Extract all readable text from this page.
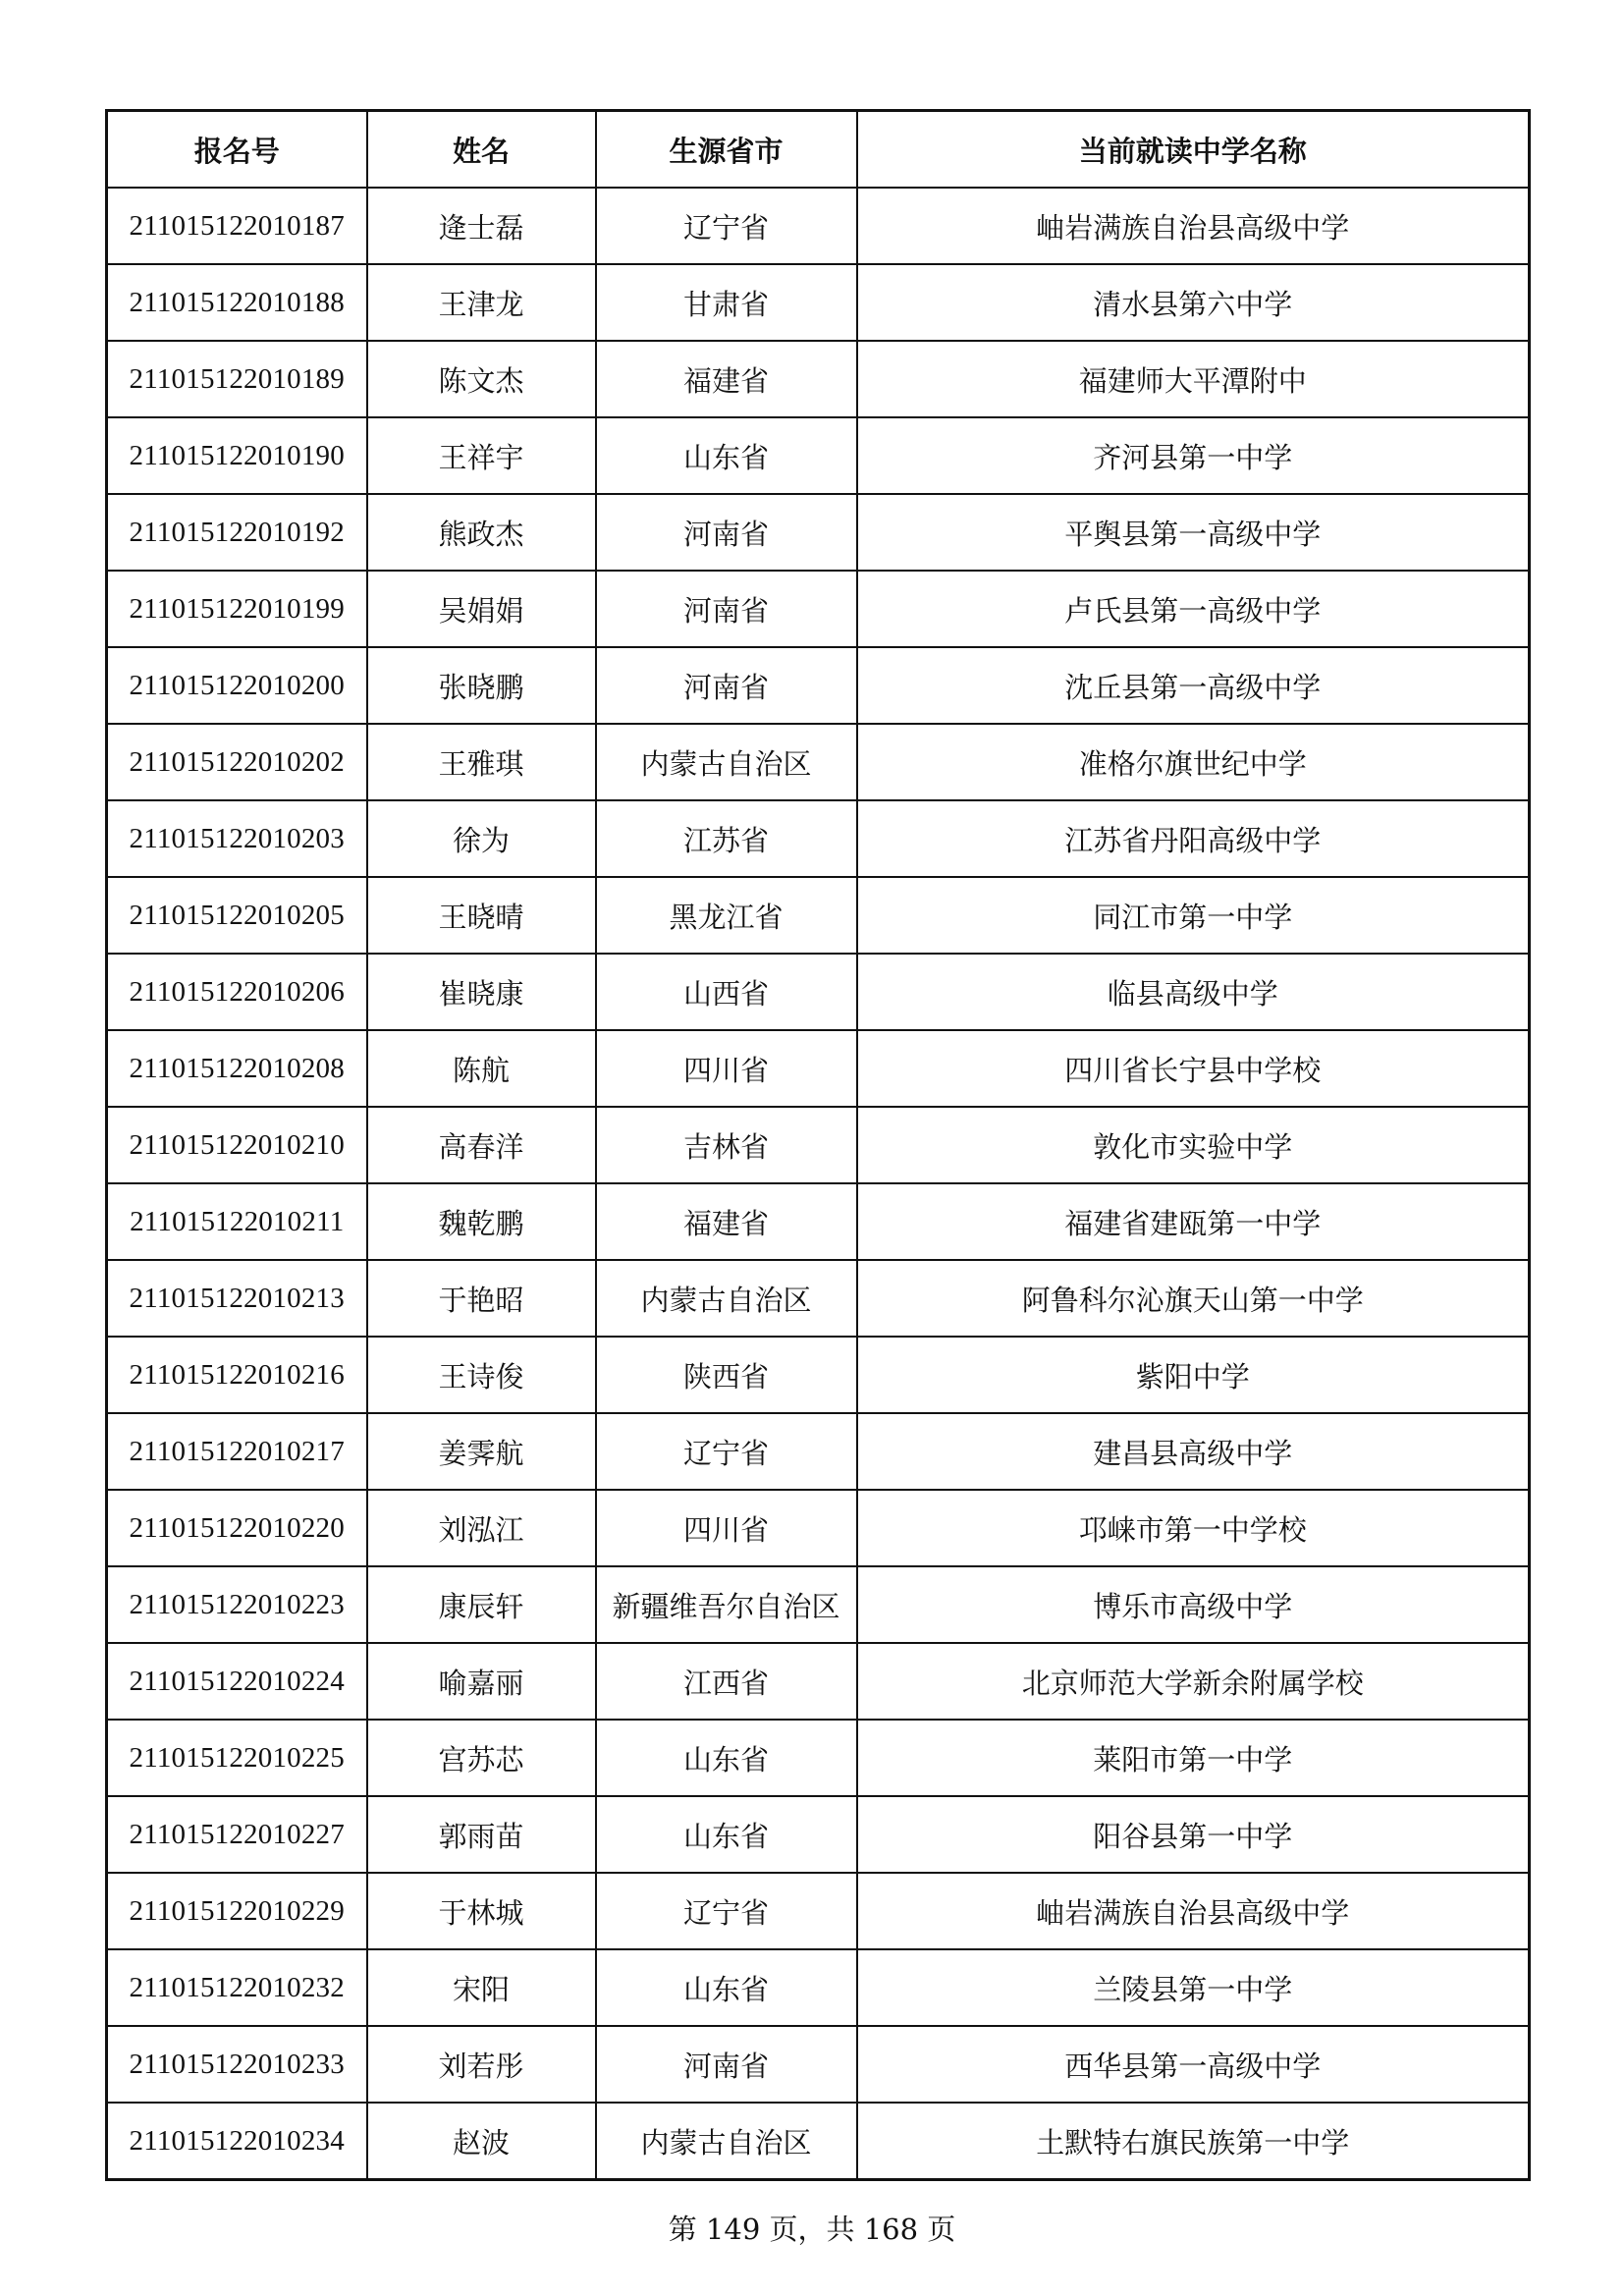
报名号	姓名	生源省市	当前就读中学名称
211015122010187	逄士磊	辽宁省	岫岩满族自治县高级中学
211015122010188	王津龙	甘肃省	清水县第六中学
211015122010189	陈文杰	福建省	福建师大平潭附中
211015122010190	王祥宇	山东省	齐河县第一中学
211015122010192	熊政杰	河南省	平舆县第一高级中学
211015122010199	吴娟娟	河南省	卢氏县第一高级中学
211015122010200	张晓鹏	河南省	沈丘县第一高级中学
211015122010202	王雅琪	内蒙古自治区	准格尔旗世纪中学
211015122010203	徐为	江苏省	江苏省丹阳高级中学
211015122010205	王晓晴	黑龙江省	同江市第一中学
211015122010206	崔晓康	山西省	临县高级中学
211015122010208	陈航	四川省	四川省长宁县中学校
211015122010210	高春洋	吉林省	敦化市实验中学
211015122010211	魏乾鹏	福建省	福建省建瓯第一中学
211015122010213	于艳昭	内蒙古自治区	阿鲁科尔沁旗天山第一中学
211015122010216	王诗俊	陕西省	紫阳中学
211015122010217	姜霁航	辽宁省	建昌县高级中学
211015122010220	刘泓江	四川省	邛崃市第一中学校
211015122010223	康辰轩	新疆维吾尔自治区	博乐市高级中学
211015122010224	喻嘉丽	江西省	北京师范大学新余附属学校
211015122010225	宫苏芯	山东省	莱阳市第一中学
211015122010227	郭雨苗	山东省	阳谷县第一中学
211015122010229	于林城	辽宁省	岫岩满族自治县高级中学
211015122010232	宋阳	山东省	兰陵县第一中学
211015122010233	刘若彤	河南省	西华县第一高级中学
211015122010234	赵波	内蒙古自治区	土默特右旗民族第一中学
第 149 页，共 168 页
